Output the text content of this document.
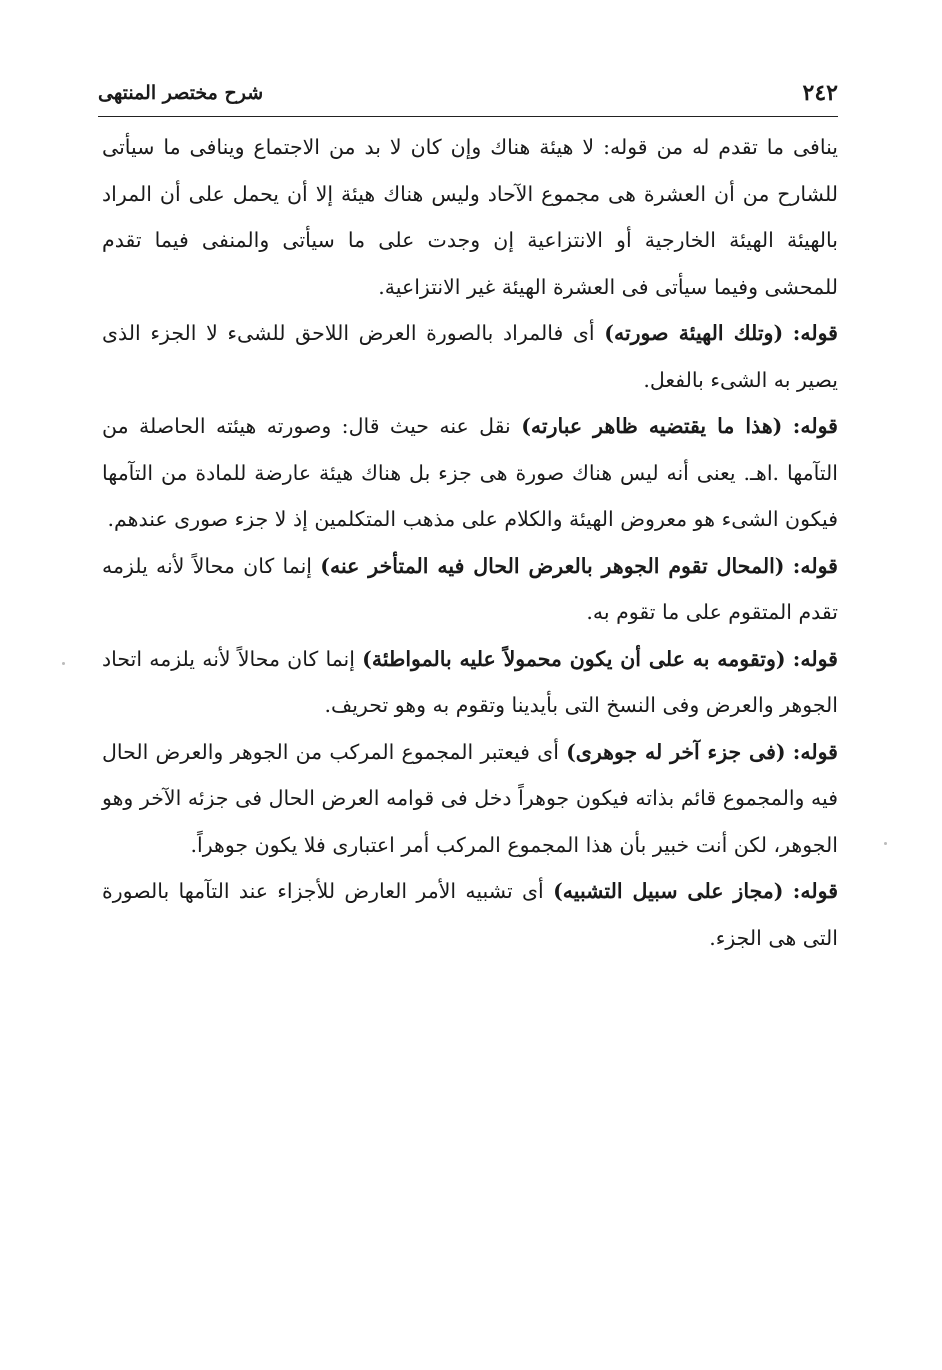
٢٤٢
شرح مختصر المنتهى

ينافى ما تقدم له من قوله: لا هيئة هناك وإن كان لا بد من الاجتماع وينافى ما سيأتى للشارح من أن العشرة هى مجموع الآحاد وليس هناك هيئة إلا أن يحمل على أن المراد بالهيئة الهيئة الخارجية أو الانتزاعية إن وجدت على ما سيأتى والمنفى فيما تقدم للمحشى وفيما سيأتى فى العشرة الهيئة غير الانتزاعية.

قوله: (وتلك الهيئة صورته) أى فالمراد بالصورة العرض اللاحق للشىء لا الجزء الذى يصير به الشىء بالفعل.

قوله: (هذا ما يقتضيه ظاهر عبارته) نقل عنه حيث قال: وصورته هيئته الحاصلة من التآمها .اهـ. يعنى أنه ليس هناك صورة هى جزء بل هناك هيئة عارضة للمادة من التآمها فيكون الشىء هو معروض الهيئة والكلام على مذهب المتكلمين إذ لا جزء صورى عندهم.

قوله: (المحال تقوم الجوهر بالعرض الحال فيه المتأخر عنه) إنما كان محالاً لأنه يلزمه تقدم المتقوم على ما تقوم به.

قوله: (وتقومه به على أن يكون محمولاً عليه بالمواطئة) إنما كان محالاً لأنه يلزمه اتحاد الجوهر والعرض وفى النسخ التى بأيدينا وتقوم به وهو تحريف.

قوله: (فى جزء آخر له جوهرى) أى فيعتبر المجموع المركب من الجوهر والعرض الحال فيه والمجموع قائم بذاته فيكون جوهراً دخل فى قوامه العرض الحال فى جزئه الآخر وهو الجوهر، لكن أنت خبير بأن هذا المجموع المركب أمر اعتبارى فلا يكون جوهراً.

قوله: (مجاز على سبيل التشبيه) أى تشبيه الأمر العارض للأجزاء عند التآمها بالصورة التى هى الجزء.
